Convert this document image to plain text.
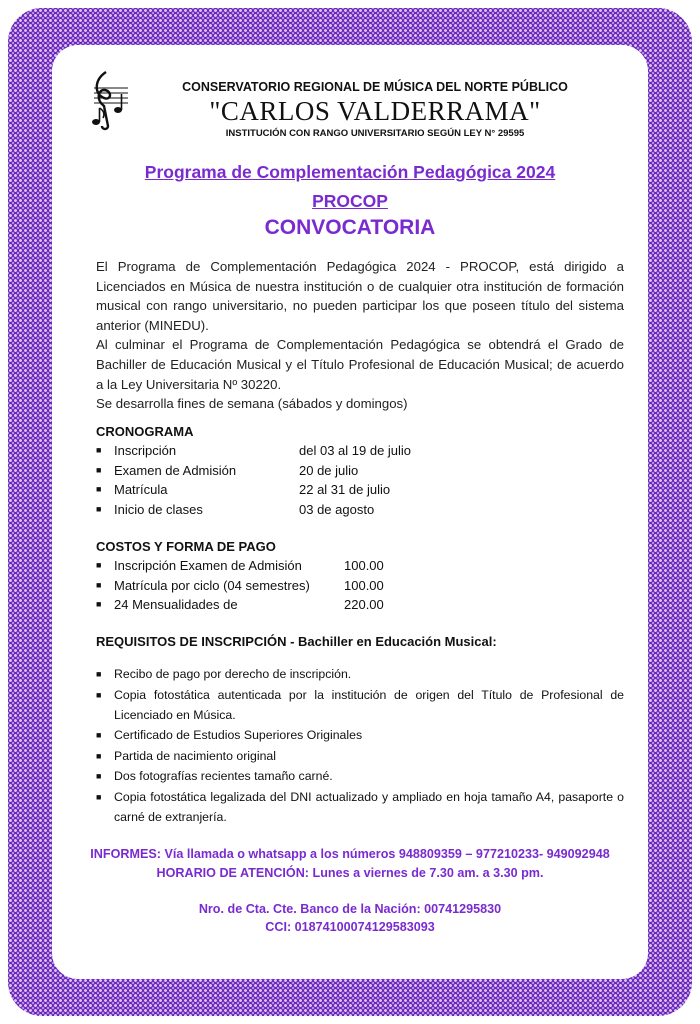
CONSERVATORIO REGIONAL DE MÚSICA DEL NORTE PÚBLICO
"CARLOS VALDERRAMA"
INSTITUCIÓN CON RANGO UNIVERSITARIO SEGÚN LEY N° 29595
Programa de Complementación Pedagógica 2024
PROCOP
CONVOCATORIA

El Programa de Complementación Pedagógica 2024 - PROCOP, está dirigido a Licenciados en Música de nuestra institución o de cualquier otra institución de formación musical con rango universitario, no pueden participar los que poseen título del sistema anterior (MINEDU).

Al culminar el Programa de Complementación Pedagógica se obtendrá el Grado de Bachiller de Educación Musical y el Título Profesional de Educación Musical; de acuerdo a la Ley Universitaria Nº 30220.

Se desarrolla fines de semana (sábados y domingos)

CRONOGRAMA
■ Inscripción	del 03 al 19 de julio
■ Examen de Admisión	20 de julio
■ Matrícula	22 al 31 de julio
■ Inicio de clases	03 de agosto
COSTOS Y FORMA DE PAGO
■ Inscripción Examen de Admisión	100.00
■ Matrícula por ciclo (04 semestres)	100.00
■ 24 Mensualidades de	220.00
REQUISITOS DE INSCRIPCIÓN - Bachiller en Educación Musical:
■ Recibo de pago por derecho de inscripción.
■ Copia fotostática autenticada por la institución de origen del Título de Profesional de Licenciado en Música.
■ Certificado de Estudios Superiores Originales
■ Partida de nacimiento original
■ Dos fotografías recientes tamaño carné.
■ Copia fotostática legalizada del DNI actualizado y ampliado en hoja tamaño A4, pasaporte o carné de extranjería.
INFORMES: Vía llamada o whatsapp a los números 948809359 – 977210233- 949092948
HORARIO DE ATENCIÓN: Lunes a viernes de 7.30 am. a 3.30 pm.
Nro. de Cta. Cte. Banco de la Nación: 00741295830
CCI: 01874100074129583093
